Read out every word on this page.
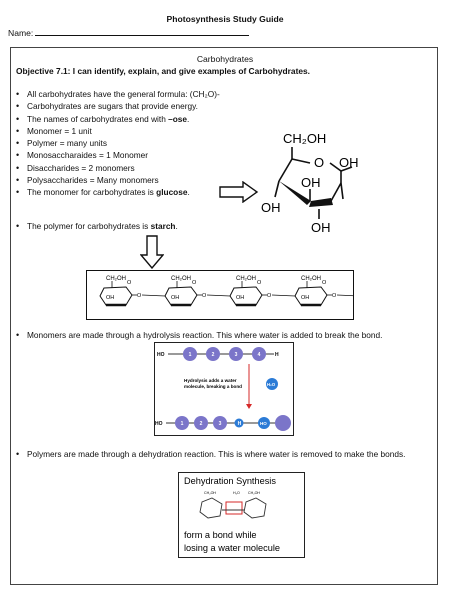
Photosynthesis Study Guide
Name:
Carbohydrates
Objective 7.1: I can identify, explain, and give examples of Carbohydrates.
• All carbohydrates have the general formula: (CH₂O)-
• Carbohydrates are sugars that provide energy.
• The names of carbohydrates end with –ose.
• Monomer = 1 unit
• Polymer = many units
• Monosaccharaides = 1 Monomer
• Disaccharides = 2 monomers
• Polysaccharides = Many monomers
• The monomer for carbohydrates is glucose.
CH₂OH
O OH
OH
OH
OH
• The polymer for carbohydrates is starch.
CH₂OH
OH
O
O
CH₂OH
OH
O
O
CH₂OH
OH
O
O
CH₂OH
OH
O
O
• Monomers are made through a hydrolysis reaction. This where water is added to break the bond.
HO	1	2	3	4	H
Hydrolysis adds a water
molecule, breaking a bond	H₂O
HO	1	2	3	H	HO
• Polymers are made through a dehydration reaction. This is where water is removed to make the bonds.
Dehydration Synthesis
CH₂OH	CH₂OH
H₂O
form a bond while
losing a water molecule
